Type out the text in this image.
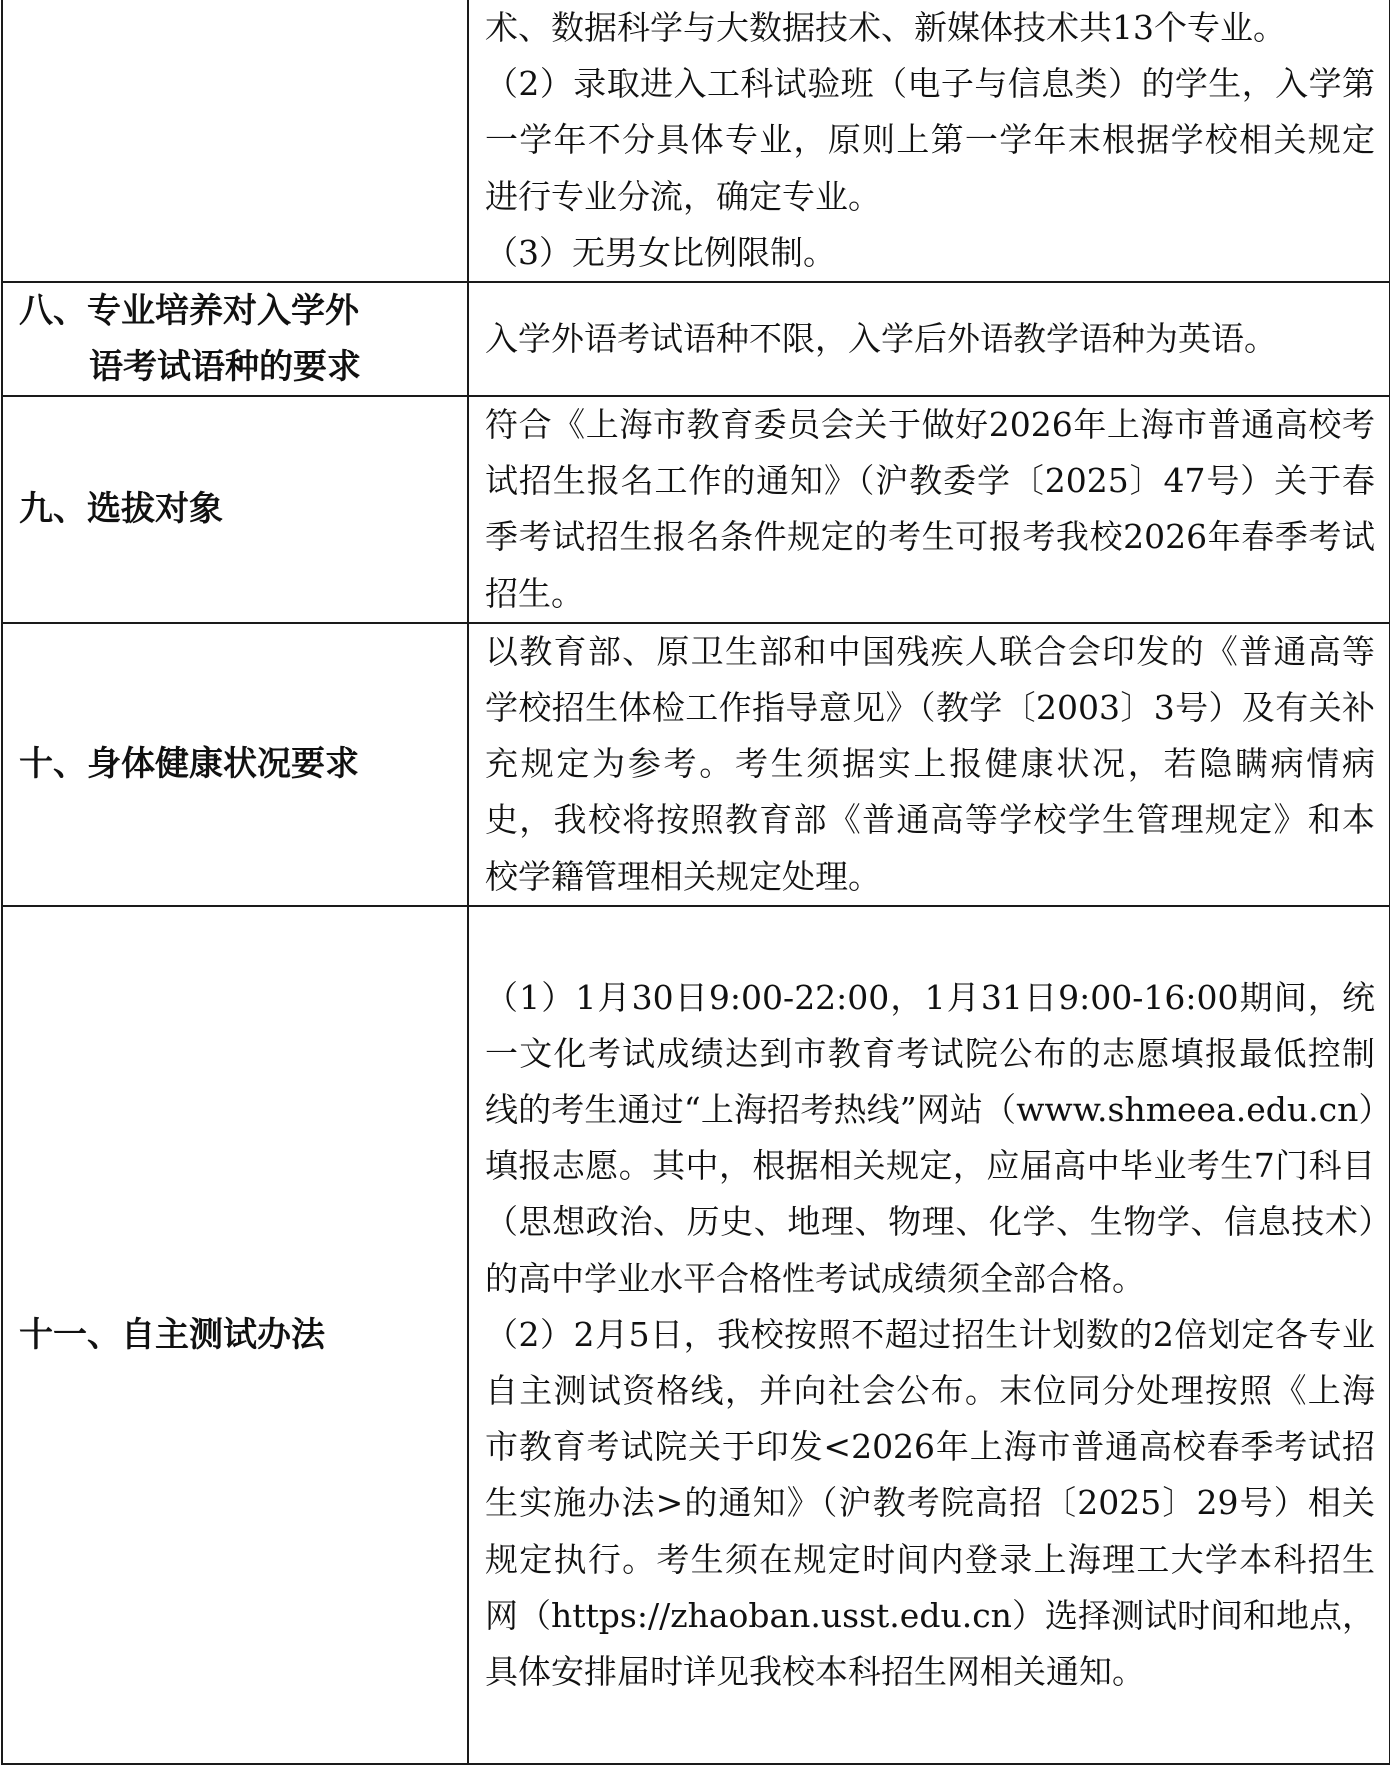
	术、数据科学与大数据技术、新媒体技术共13个专业。

（2）录取进入工科试验班（电子与信息类）的学生，入学第一学年不分具体专业，原则上第一学年末根据学校相关规定进行专业分流，确定专业。

（3）无男女比例限制。

八、专业培养对入学外
语考试语种的要求	入学外语考试语种不限，入学后外语教学语种为英语。

九、选拔对象	符合《上海市教育委员会关于做好2026年上海市普通高校考试招生报名工作的通知》（沪教委学〔2025〕47号）关于春季考试招生报名条件规定的考生可报考我校2026年春季考试招生。

十、身体健康状况要求	以教育部、原卫生部和中国残疾人联合会印发的《普通高等学校招生体检工作指导意见》（教学〔2003〕3号）及有关补充规定为参考。考生须据实上报健康状况，若隐瞒病情病史，我校将按照教育部《普通高等学校学生管理规定》和本校学籍管理相关规定处理。

十一、自主测试办法	（1）1月30日9:00-22:00，1月31日9:00-16:00期间，统一文化考试成绩达到市教育考试院公布的志愿填报最低控制线的考生通过“上海招考热线”网站（www.shmeea.edu.cn）填报志愿。其中，根据相关规定，应届高中毕业考生7门科目（思想政治、历史、地理、物理、化学、生物学、信息技术）的高中学业水平合格性考试成绩须全部合格。

（2）2月5日，我校按照不超过招生计划数的2倍划定各专业自主测试资格线，并向社会公布。末位同分处理按照《上海市教育考试院关于印发<2026年上海市普通高校春季考试招生实施办法>的通知》（沪教考院高招〔2025〕29号）相关规定执行。考生须在规定时间内登录上海理工大学本科招生网（https://zhaoban.usst.edu.cn）选择测试时间和地点，具体安排届时详见我校本科招生网相关通知。
